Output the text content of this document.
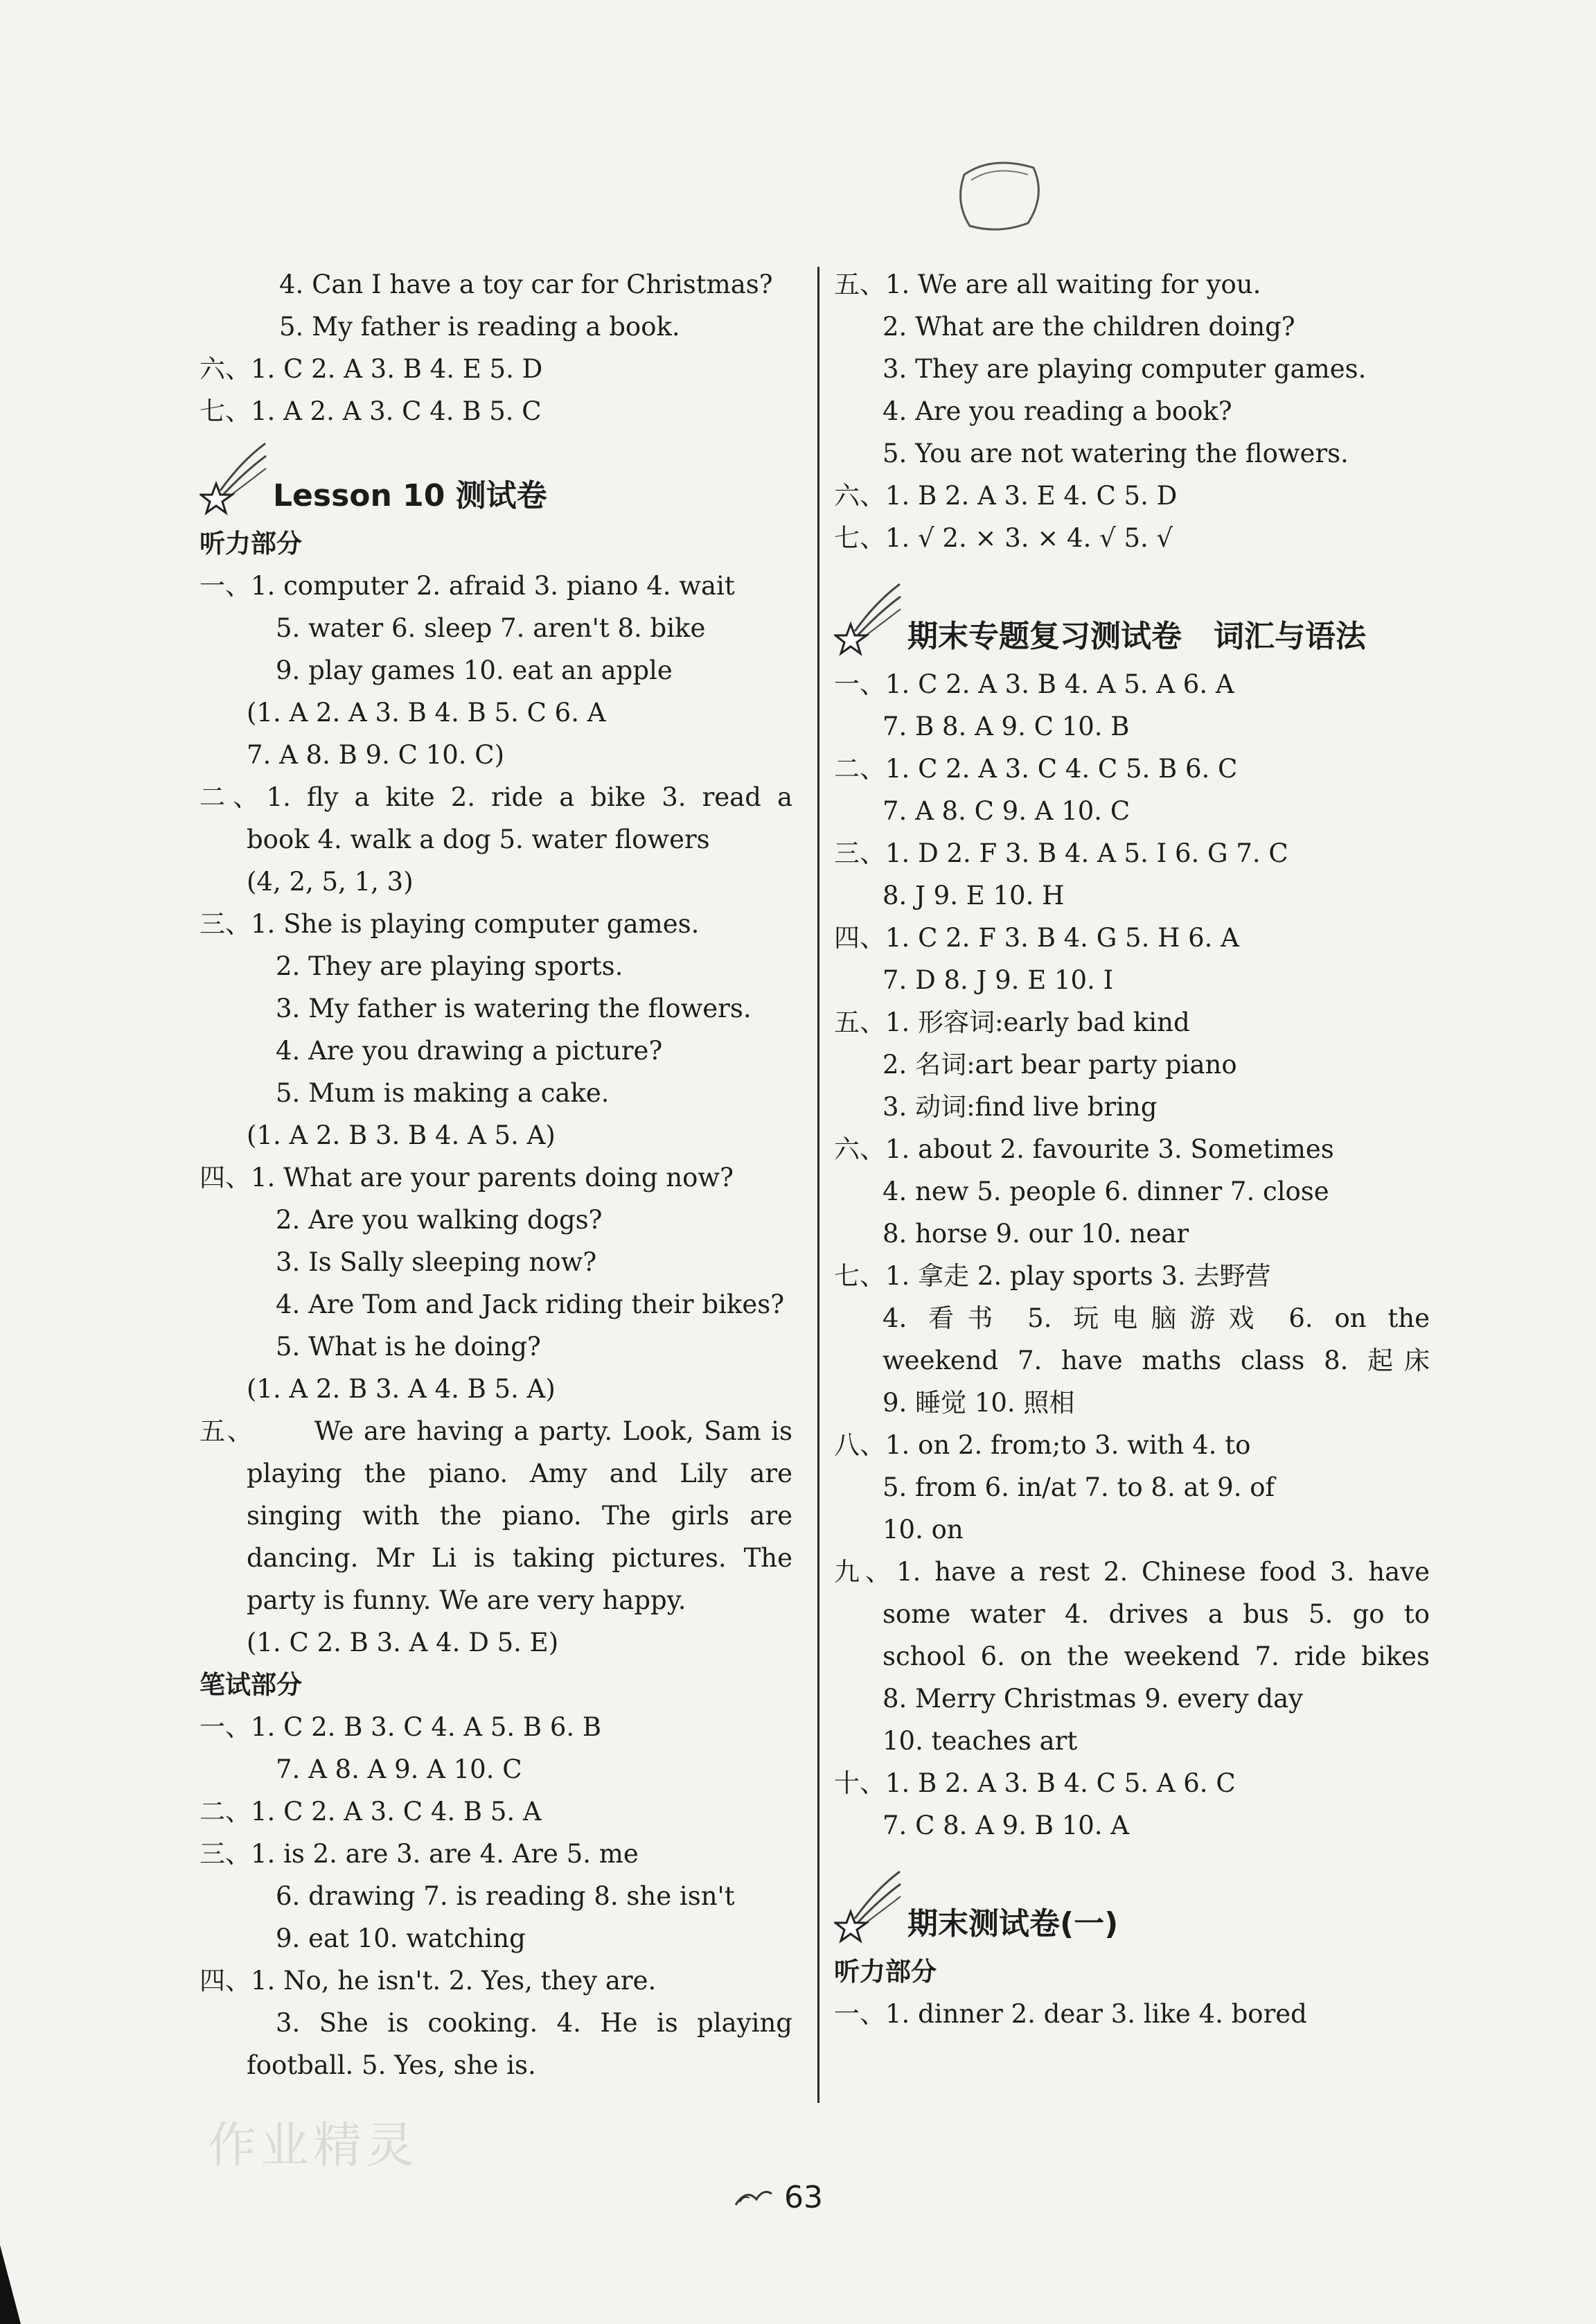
4. Can I have a toy car for Christmas?
5. My father is reading a book.
六、1. C 2. A 3. B 4. E 5. D
七、1. A 2. A 3. C 4. B 5. C
Lesson 10 测试卷
听力部分
一、1. computer 2. afraid 3. piano 4. wait
5. water 6. sleep 7. aren't 8. bike
9. play games 10. eat an apple
(1. A 2. A 3. B 4. B 5. C 6. A
7. A 8. B 9. C 10. C)
二、1. fly a kite 2. ride a bike 3. read a
book 4. walk a dog 5. water flowers
(4, 2, 5, 1, 3)
三、1. She is playing computer games.
2. They are playing sports.
3. My father is watering the flowers.
4. Are you drawing a picture?
5. Mum is making a cake.
(1. A 2. B 3. B 4. A 5. A)
四、1. What are your parents doing now?
2. Are you walking dogs?
3. Is Sally sleeping now?
4. Are Tom and Jack riding their bikes?
5. What is he doing?
(1. A 2. B 3. A 4. B 5. A)
五、      We are having a party. Look, Sam is
playing the piano. Amy and Lily are
singing with the piano. The girls are
dancing. Mr Li is taking pictures. The
party is funny. We are very happy.
(1. C 2. B 3. A 4. D 5. E)
笔试部分
一、1. C 2. B 3. C 4. A 5. B 6. B
7. A 8. A 9. A 10. C
二、1. C 2. A 3. C 4. B 5. A
三、1. is 2. are 3. are 4. Are 5. me
6. drawing 7. is reading 8. she isn't
9. eat 10. watching
四、1. No, he isn't. 2. Yes, they are.
3. She is cooking. 4. He is playing
football. 5. Yes, she is.
五、1. We are all waiting for you.
2. What are the children doing?
3. They are playing computer games.
4. Are you reading a book?
5. You are not watering the flowers.
六、1. B 2. A 3. E 4. C 5. D
七、1. √ 2. × 3. × 4. √ 5. √
期末专题复习测试卷   词汇与语法
一、1. C 2. A 3. B 4. A 5. A 6. A
7. B 8. A 9. C 10. B
二、1. C 2. A 3. C 4. C 5. B 6. C
7. A 8. C 9. A 10. C
三、1. D 2. F 3. B 4. A 5. I 6. G 7. C
8. J 9. E 10. H
四、1. C 2. F 3. B 4. G 5. H 6. A
7. D 8. J 9. E 10. I
五、1. 形容词:early bad kind
2. 名词:art bear party piano
3. 动词:find live bring
六、1. about 2. favourite 3. Sometimes
4. new 5. people 6. dinner 7. close
8. horse 9. our 10. near
七、1. 拿走 2. play sports 3. 去野营
4. 看书 5. 玩电脑游戏 6. on the
weekend 7. have maths class 8. 起床
9. 睡觉 10. 照相
八、1. on 2. from;to 3. with 4. to
5. from 6. in/at 7. to 8. at 9. of
10. on
九、1. have a rest 2. Chinese food 3. have
some water 4. drives a bus 5. go to
school 6. on the weekend 7. ride bikes
8. Merry Christmas 9. every day
10. teaches art
十、1. B 2. A 3. B 4. C 5. A 6. C
7. C 8. A 9. B 10. A
期末测试卷(一)
听力部分
一、1. dinner 2. dear 3. like 4. bored
作业精灵
63
